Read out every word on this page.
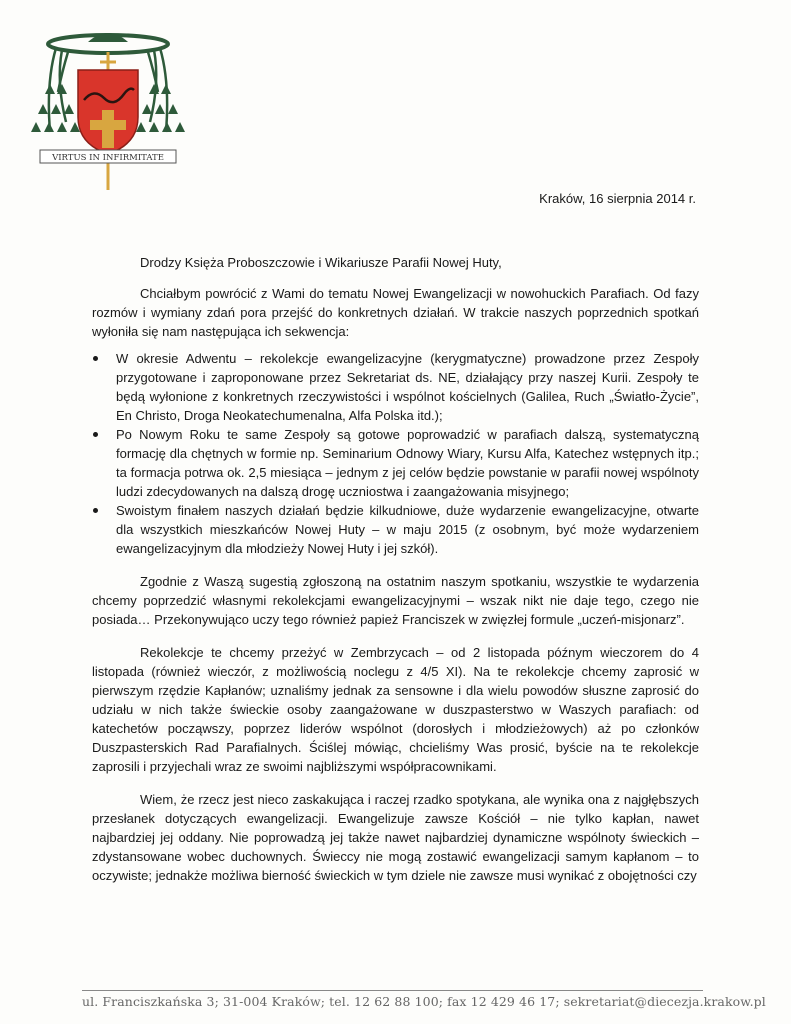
VIRTUS IN INFIRMITATE
Kraków, 16 sierpnia 2014 r.

Drodzy Księża Proboszczowie i Wikariusze Parafii Nowej Huty,

Chciałbym powrócić z Wami do tematu Nowej Ewangelizacji w nowohuckich Parafiach. Od fazy rozmów i wymiany zdań pora przejść do konkretnych działań. W trakcie naszych poprzednich spotkań wyłoniła się nam następująca ich sekwencja:

W okresie Adwentu – rekolekcje ewangelizacyjne (kerygmatyczne) prowadzone przez Zespoły przygotowane i zaproponowane przez Sekretariat ds. NE, działający przy naszej Kurii. Zespoły te będą wyłonione z konkretnych rzeczywistości i wspólnot kościelnych (Galilea, Ruch „Światło-Życie”, En Christo, Droga Neokatechumenalna, Alfa Polska itd.);
Po Nowym Roku te same Zespoły są gotowe poprowadzić w parafiach dalszą, systematyczną formację dla chętnych w formie np. Seminarium Odnowy Wiary, Kursu Alfa, Katechez wstępnych itp.; ta formacja potrwa ok. 2,5 miesiąca – jednym z jej celów będzie powstanie w parafii nowej wspólnoty ludzi zdecydowanych na dalszą drogę uczniostwa i zaangażowania misyjnego;
Swoistym finałem naszych działań będzie kilkudniowe, duże wydarzenie ewangelizacyjne, otwarte dla wszystkich mieszkańców Nowej Huty – w maju 2015 (z osobnym, być może wydarzeniem ewangelizacyjnym dla młodzieży Nowej Huty i jej szkół).

Zgodnie z Waszą sugestią zgłoszoną na ostatnim naszym spotkaniu, wszystkie te wydarzenia chcemy poprzedzić własnymi rekolekcjami ewangelizacyjnymi – wszak nikt nie daje tego, czego nie posiada… Przekonywująco uczy tego również papież Franciszek w zwięzłej formule „uczeń-misjonarz”.

Rekolekcje te chcemy przeżyć w Zembrzycach – od 2 listopada późnym wieczorem do 4 listopada (również wieczór, z możliwością noclegu z 4/5 XI). Na te rekolekcje chcemy zaprosić w pierwszym rzędzie Kapłanów; uznaliśmy jednak za sensowne i dla wielu powodów słuszne zaprosić do udziału w nich także świeckie osoby zaangażowane w duszpasterstwo w Waszych parafiach: od katechetów począwszy, poprzez liderów wspólnot (dorosłych i młodzieżowych) aż po członków Duszpasterskich Rad Parafialnych. Ściślej mówiąc, chcieliśmy Was prosić, byście na te rekolekcje zaprosili i przyjechali wraz ze swoimi najbliższymi współpracownikami.

Wiem, że rzecz jest nieco zaskakująca i raczej rzadko spotykana, ale wynika ona z najgłębszych przesłanek dotyczących ewangelizacji. Ewangelizuje zawsze Kościół – nie tylko kapłan, nawet najbardziej jej oddany. Nie poprowadzą jej także nawet najbardziej dynamiczne wspólnoty świeckich – zdystansowane wobec duchownych. Świeccy nie mogą zostawić ewangelizacji samym kapłanom – to oczywiste; jednakże możliwa bierność świeckich w tym dziele nie zawsze musi wynikać z obojętności czy

ul. Franciszkańska 3; 31-004 Kraków; tel. 12 62 88 100; fax 12 429 46 17; sekretariat@diecezja.krakow.pl
